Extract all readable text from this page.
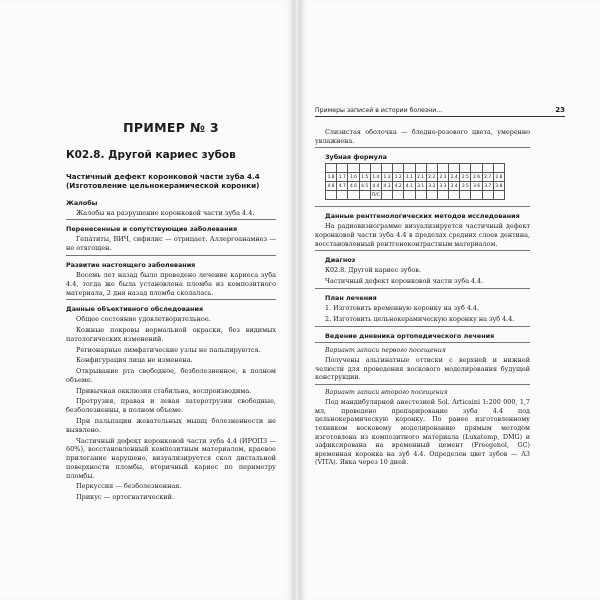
ПРИМЕР № 3
К02.8. Другой кариес зубов
Частичный дефект коронковой части зуба 4.4 (Изготовление цельнокерамической коронки)
Жалобы

Жалобы на разрушение коронковой части зуба 4.4.

Перенесенные и сопутствующие заболевания

Гепатиты, ВИЧ, сифилис — отрицает. Аллергоанамнез — не отягощен.

Развитие настоящего заболевания

Восемь лет назад было проведено лечение кариеса зуба 4.4, тогда же была установлена пломба из композитного материала, 2 дня назад пломба сколалась.

Данные объективного обследования

Общее состояние удовлетворительное.

Кожные покровы нормальной окраски, без видимых патологических изменений.

Регионарные лимфатические узлы не пальпируются.

Конфигурация лица не изменена.

Открывание рта свободное, безболезненное, в полном объеме.

Привычная окклюзия стабильна, воспроизводима.

Протрузия, правая и левая латеротрузии свободные, безболезненны, в полном объеме.

При пальпации жевательных мышц болезненности не выявлено.

Частичный дефект коронковой части зуба 4.4 (ИРОПЗ — 60%), восстановленный композитным материалом, краевое прилегание нарушено, визуализируется скол дистальной поверхности пломбы, вторичный кариес по периметру пломбы.

Перкуссия — безболезненная.

Прикус — ортогнатический.

Примеры записей в истории болезни...	23

Слизистая оболочка — бледно-розового цвета, умеренно увлажнена.

Зубная формула

1.8	1.7	1.6	1.5	1.4	1.3	1.2	1.1	2.1	2.2	2.3	2.4	2.5	2.6	2.7	2.8
4.8	4.7	4.6	4.5	4.4	4.3	4.2	4.1	3.1	3.2	3.3	3.4	3.5	3.6	3.7	3.8
				П/С											
Данные рентгенологических методов исследования

На радиовизиограмме визуализируется частичный дефект коронковой части зуба 4.4 в пределах средних слоев дентина, восстановленный рентгеноконтрастным материалом.

Диагноз
К02.8. Другой кариес зубов.
Частичный дефект коронковой части зуба 4.4.
План лечения
1. Изготовить временную коронку на зуб 4.4.
2. Изготовить цельнокерамическую коронку на зуб 4.4.
Ведение дневника ортопедического лечения
Вариант записи первого посещения

Получены альгинатные оттиски с верхней и нижней челюсти для проведения воскового моделирования будущей конструкции.

Вариант записи второго посещения

Под мандибулярной анестезией Sol. Articaini 1:200 000, 1,7 мл, проведено препарирование зуба 4.4 под цельнокерамическую коронку. По ранее изготовленному техником восковому моделированию прямым методом изготовлена из композитного материала (Luxatemp, DMG) и зафиксирована на временный цемент (Freegenol, GC) временная коронка на зуб 4.4. Определен цвет зубов — А3 (VITA). Явка через 10 дней.
